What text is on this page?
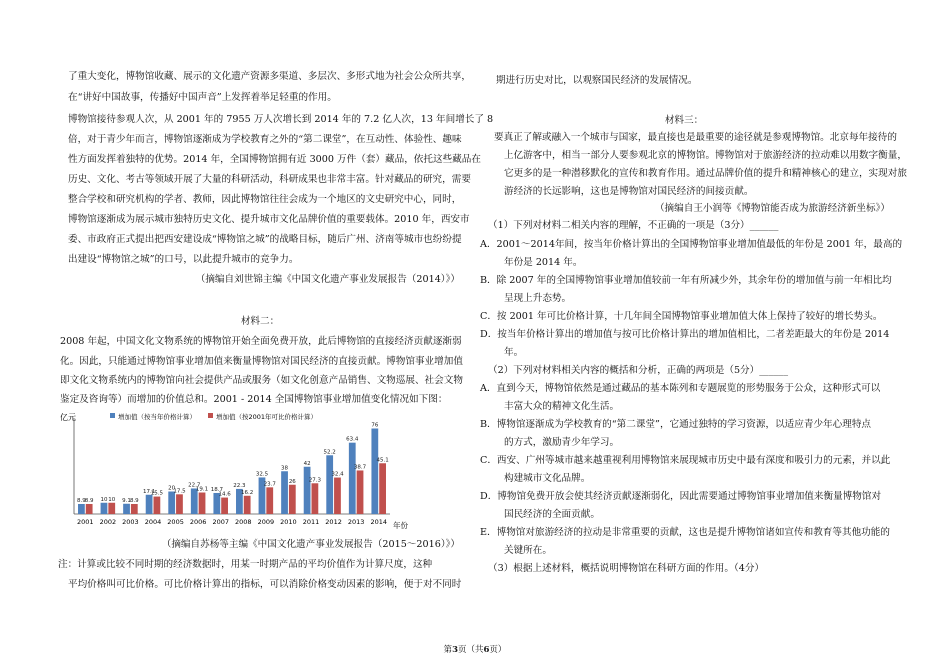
了重大变化，博物馆收藏、展示的文化遗产资源多渠道、多层次、多形式地为社会公众所共享，
在“讲好中国故事，传播好中国声音”上发挥着举足轻重的作用。
博物馆接待参观人次，从 2001 年的 7955 万人次增长到 2014 年的 7.2 亿人次，13 年间增长了 8
倍，对于青少年而言，博物馆逐渐成为学校教育之外的“第二课堂”，在互动性、体验性、趣味
性方面发挥着独特的优势。2014 年，全国博物馆拥有近 3000 万件（套）藏品，依托这些藏品在
历史、文化、考古等领域开展了大量的科研活动，科研成果也非常丰富。针对藏品的研究，需要
整合学校和研究机构的学者、教师，因此博物馆往往会成为一个地区的文史研究中心，同时，
博物馆逐渐成为展示城市独特历史文化、提升城市文化品牌价值的重要载体。2010 年，西安市
委、市政府正式提出把西安建设成“博物馆之城”的战略目标，随后广州、济南等城市也纷纷提
出建设“博物馆之城”的口号，以此提升城市的竞争力。
（摘编自刘世锦主编《中国文化遗产事业发展报告（2014）》）
材料二：
2008 年起，中国文化文物系统的博物馆开始全面免费开放，此后博物馆的直接经济贡献逐渐弱
化。因此，只能通过博物馆事业增加值来衡量博物馆对国民经济的直接贡献。博物馆事业增加值
即文化文物系统内的博物馆向社会提供产品或服务（如文化创意产品销售、文物巡展、社会文物
鉴定及咨询等）而增加的价值总和。2001 - 2014 全国博物馆事业增加值变化情况如下图：
（摘编自苏杨等主编《中国文化遗产事业发展报告（2015～2016）》）
注：计算或比较不同时期的经济数据时，用某一时期产品的平均价值作为计算尺度，这种
平均价格叫可比价格。可比价格计算出的指标，可以消除价格变动因素的影响，便于对不同时
亿元	增加值（按当年价格计算）	增加值（按2001年可比价格计算）
8.9 8.9
2001
10 10
2002
9.1 8.9
2003
17.1
15.5
2004
20
17.5
2005
22.7
19.1
2006
18.7
14.6
2007
22.3
16.2
2008
32.5
23.7
2009
38
26
2010
42
27.3
2011
52.2
32.4
2012
63.4
38.7
2013
76
45.1
2014 年份
期进行历史对比，以观察国民经济的发展情况。
材料三：
要真正了解或融入一个城市与国家，最直接也是最重要的途径就是参观博物馆。北京每年接待的
上亿游客中，相当一部分人要参观北京的博物馆。博物馆对于旅游经济的拉动难以用数字衡量，
它更多的是一种潜移默化的宣传和教育作用。通过品牌价值的提升和精神核心的建立，实现对旅
游经济的长远影响，这也是博物馆对国民经济的间接贡献。
（摘编自王小润等《博物馆能否成为旅游经济新坐标》）
（1）下列对材料二相关内容的理解，不正确的一项是（3分）______
A．2001～2014年间，按当年价格计算出的全国博物馆事业增加值最低的年份是 2001 年，最高的
年份是 2014 年。
B．除 2007 年的全国博物馆事业增加值较前一年有所减少外，其余年份的增加值与前一年相比均
呈现上升态势。
C．按 2001 年可比价格计算，十几年间全国博物馆事业增加值大体上保持了较好的增长势头。
D．按当年价格计算出的增加值与按可比价格计算出的增加值相比，二者差距最大的年份是 2014
年。
（2）下列对材料相关内容的概括和分析，正确的两项是（5分）______
A．直到今天，博物馆依然是通过藏品的基本陈列和专题展览的形势服务于公众，这种形式可以
丰富大众的精神文化生活。
B．博物馆逐渐成为学校教育的“第二课堂”，它通过独特的学习资源，以适应青少年心理特点
的方式，激励青少年学习。
C．西安、广州等城市越来越重视利用博物馆来展现城市历史中最有深度和吸引力的元素，并以此
构建城市文化品牌。
D．博物馆免费开放会使其经济贡献逐渐弱化，因此需要通过博物馆事业增加值来衡量博物馆对
国民经济的全面贡献。
E．博物馆对旅游经济的拉动是非常重要的贡献，这也是提升博物馆诸如宣传和教育等其他功能的
关键所在。
（3）根据上述材料，概括说明博物馆在科研方面的作用。（4分）
第3页（共6页）
